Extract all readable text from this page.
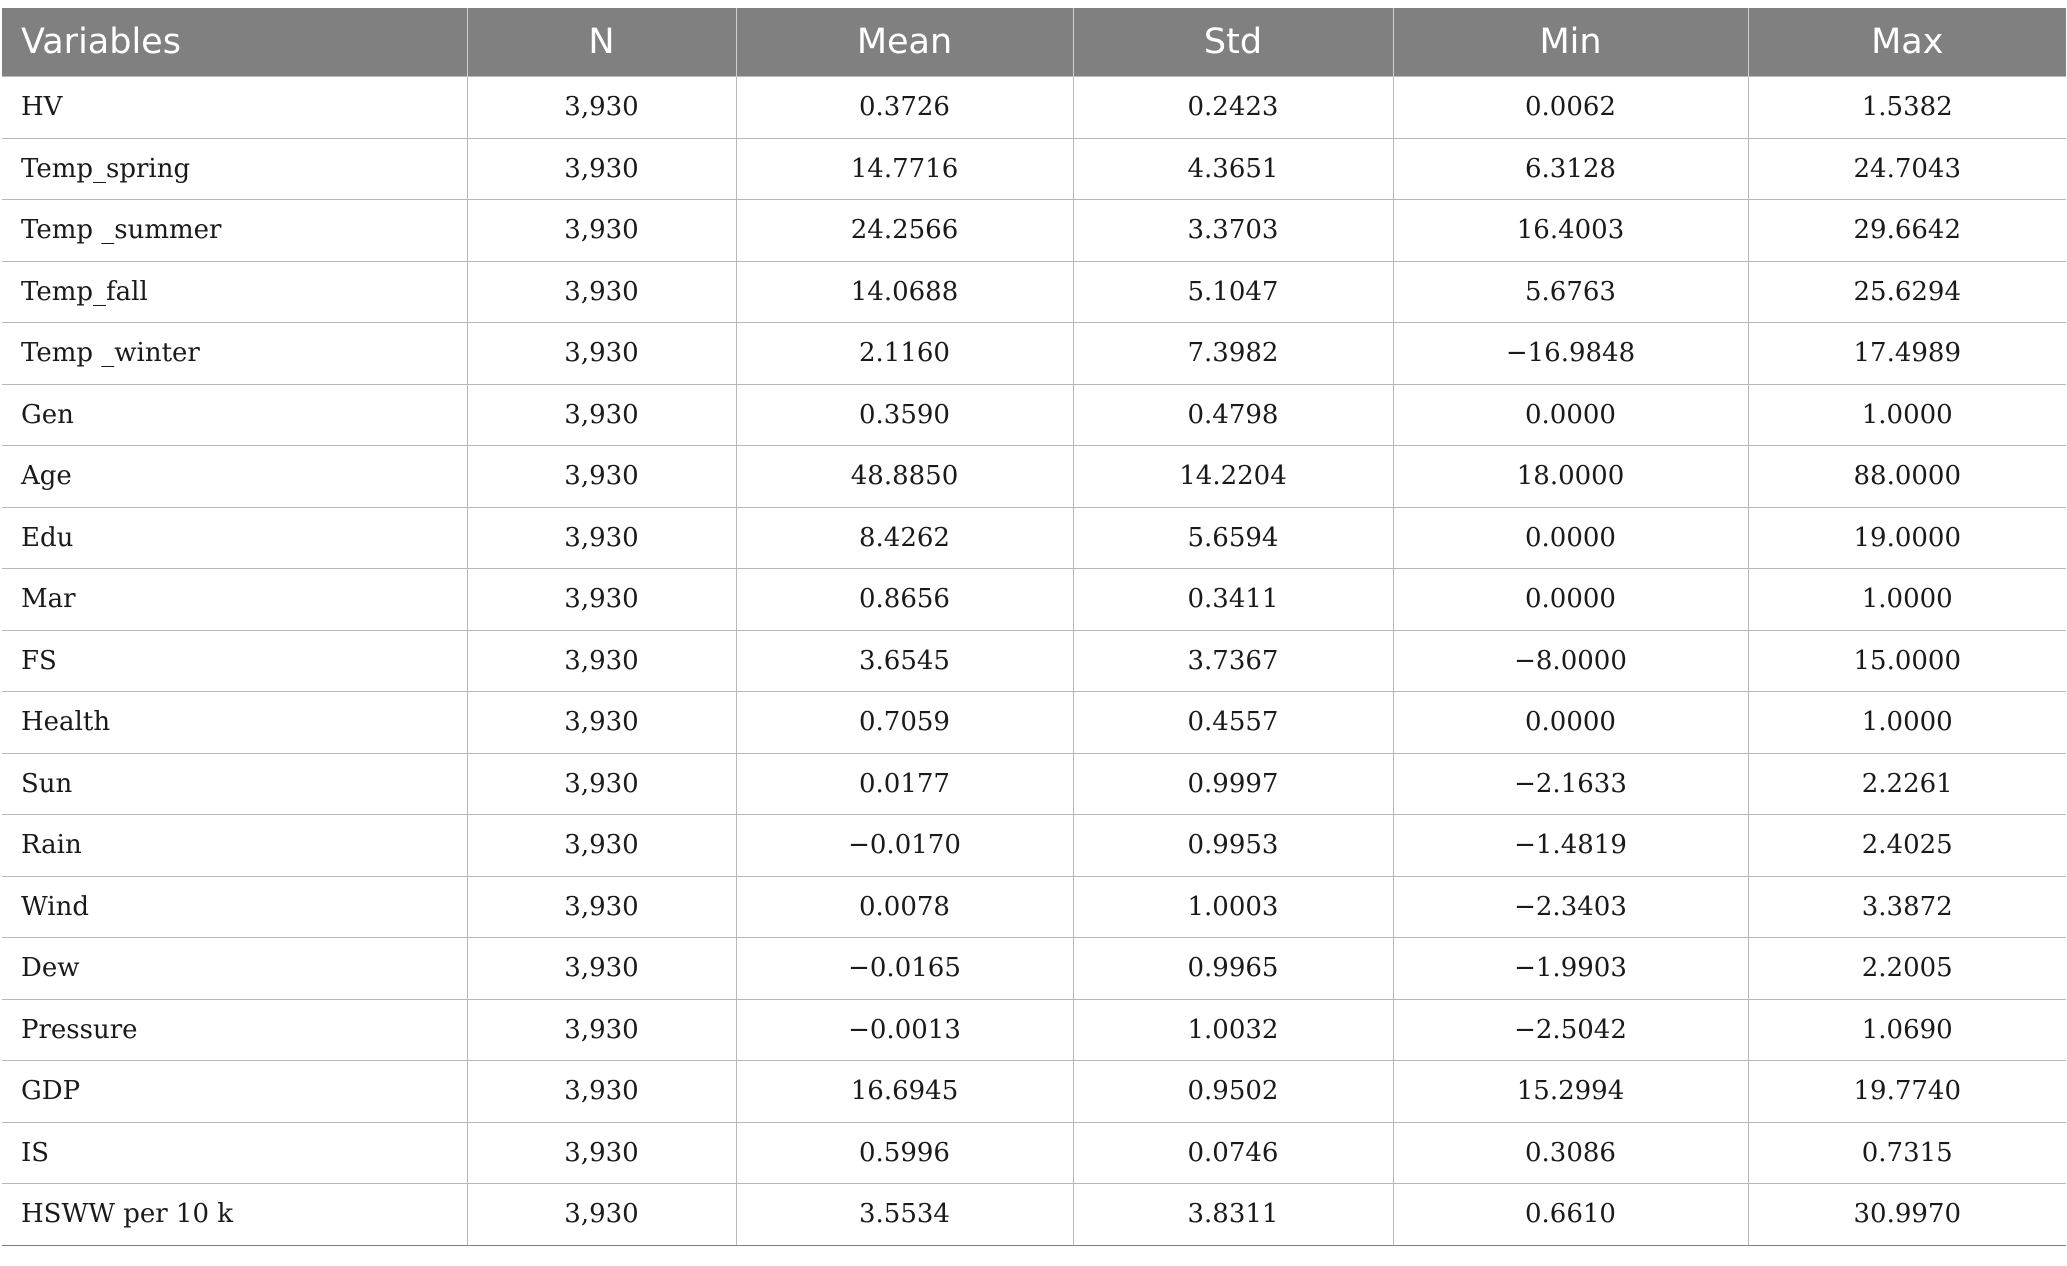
Variables	N	Mean	Std	Min	Max
HV	3,930	0.3726	0.2423	0.0062	1.5382
Temp_spring	3,930	14.7716	4.3651	6.3128	24.7043
Temp _summer	3,930	24.2566	3.3703	16.4003	29.6642
Temp_fall	3,930	14.0688	5.1047	5.6763	25.6294
Temp _winter	3,930	2.1160	7.3982	−16.9848	17.4989
Gen	3,930	0.3590	0.4798	0.0000	1.0000
Age	3,930	48.8850	14.2204	18.0000	88.0000
Edu	3,930	8.4262	5.6594	0.0000	19.0000
Mar	3,930	0.8656	0.3411	0.0000	1.0000
FS	3,930	3.6545	3.7367	−8.0000	15.0000
Health	3,930	0.7059	0.4557	0.0000	1.0000
Sun	3,930	0.0177	0.9997	−2.1633	2.2261
Rain	3,930	−0.0170	0.9953	−1.4819	2.4025
Wind	3,930	0.0078	1.0003	−2.3403	3.3872
Dew	3,930	−0.0165	0.9965	−1.9903	2.2005
Pressure	3,930	−0.0013	1.0032	−2.5042	1.0690
GDP	3,930	16.6945	0.9502	15.2994	19.7740
IS	3,930	0.5996	0.0746	0.3086	0.7315
HSWW per 10 k	3,930	3.5534	3.8311	0.6610	30.9970
